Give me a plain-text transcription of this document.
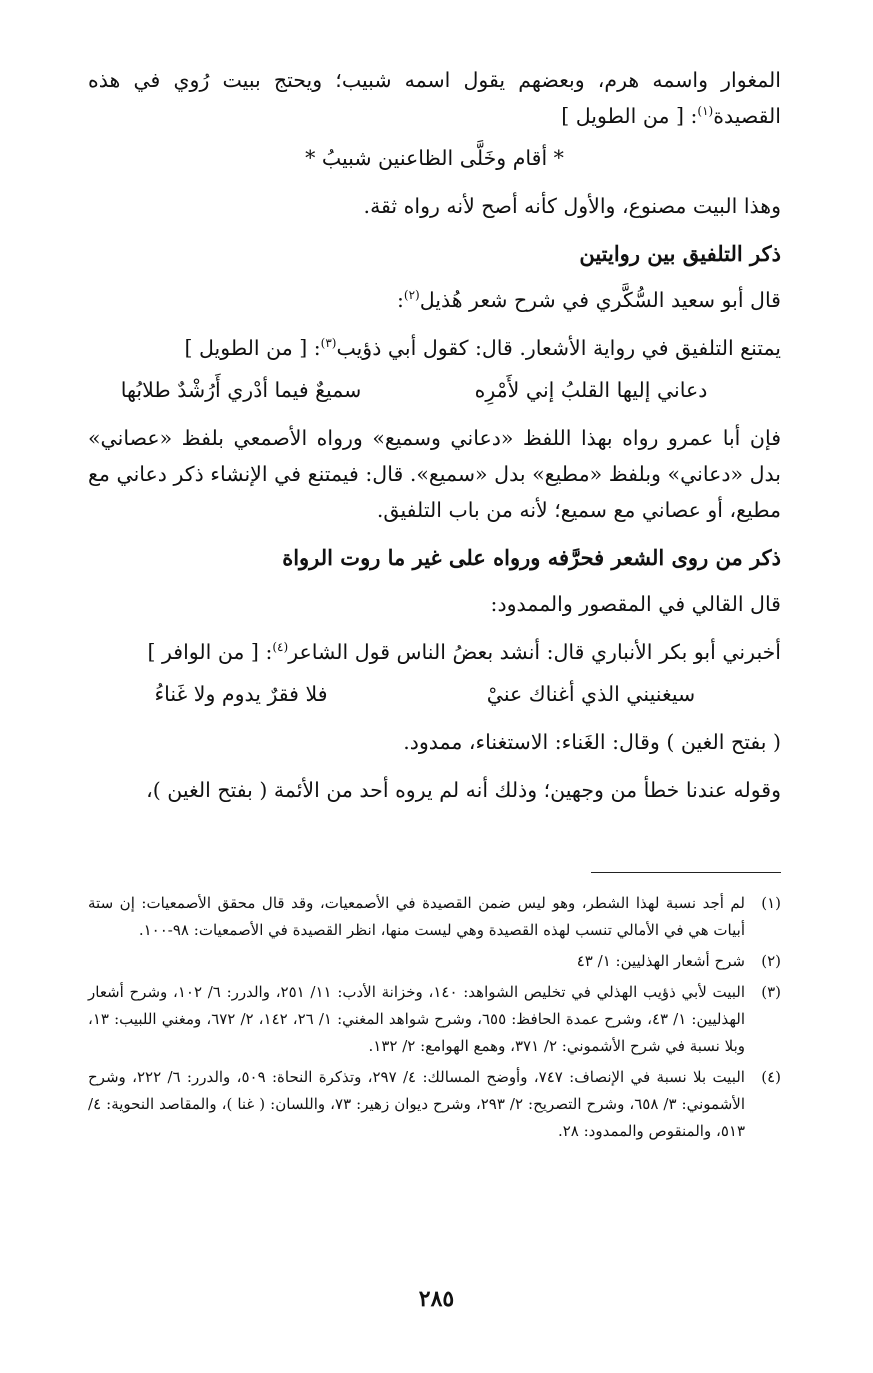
المغوار واسمه هرم، وبعضهم يقول اسمه شبيب؛ ويحتج ببيت رُوي في هذه القصيدة$^{(١)}$: [ من الطويل ]

* أقام وخَلَّى الظاعنين شبيبُ *

وهذا البيت مصنوع، والأول كأنه أصح لأنه رواه ثقة.

ذكر التلفيق بين روايتين

قال أبو سعيد السُّكَّري في شرح شعر هُذيل$^{(٢)}$:

يمتنع التلفيق في رواية الأشعار. قال: كقول أبي ذؤيب$^{(٣)}$: [ من الطويل ]

دعاني إليها القلبُ إني لأَمْرِه
سميعٌ فيما أدْري أَرُشْدٌ طلابُها

فإن أبا عمرو رواه بهذا اللفظ «دعاني وسميع» ورواه الأصمعي بلفظ «عصاني» بدل «دعاني» وبلفظ «مطيع» بدل «سميع». قال: فيمتنع في الإنشاء ذكر دعاني مع مطيع، أو عصاني مع سميع؛ لأنه من باب التلفيق.

ذكر من روى الشعر فحرَّفه ورواه على غير ما روت الرواة

قال القالي في المقصور والممدود:

أخبرني أبو بكر الأنباري قال: أنشد بعضُ الناس قول الشاعر$^{(٤)}$: [ من الوافر ]

سيغنيني الذي أغناك عنيْ
فلا فقرٌ يدوم ولا غَناءُ

( بفتح الغين ) وقال: الغَناء: الاستغناء، ممدود.

وقوله عندنا خطأ من وجهين؛ وذلك أنه لم يروه أحد من الأئمة ( بفتح الغين )،

(١)
لم أجد نسبة لهذا الشطر، وهو ليس ضمن القصيدة في الأصمعيات، وقد قال محقق الأصمعيات: إن ستة أبيات هي في الأمالي تنسب لهذه القصيدة وهي ليست منها، انظر القصيدة في الأصمعيات: ٩٨-١٠٠.
(٢)
شرح أشعار الهذليين: ١/ ٤٣
(٣)
البيت لأبي ذؤيب الهذلي في تخليص الشواهد: ١٤٠، وخزانة الأدب: ١١/ ٢٥١، والدرر: ٦/ ١٠٢، وشرح أشعار الهذليين: ١/ ٤٣، وشرح عمدة الحافظ: ٦٥٥، وشرح شواهد المغني: ١/ ٢٦، ١٤٢، ٢/ ٦٧٢، ومغني اللبيب: ١٣، وبلا نسبة في شرح الأشموني: ٢/ ٣٧١، وهمع الهوامع: ٢/ ١٣٢.
(٤)
البيت بلا نسبة في الإنصاف: ٧٤٧، وأوضح المسالك: ٤/ ٢٩٧، وتذكرة النحاة: ٥٠٩، والدرر: ٦/ ٢٢٢، وشرح الأشموني: ٣/ ٦٥٨، وشرح التصريح: ٢/ ٢٩٣، وشرح ديوان زهير: ٧٣، واللسان: ( غنا )، والمقاصد النحوية: ٤/ ٥١٣، والمنقوص والممدود: ٢٨.
٢٨٥
